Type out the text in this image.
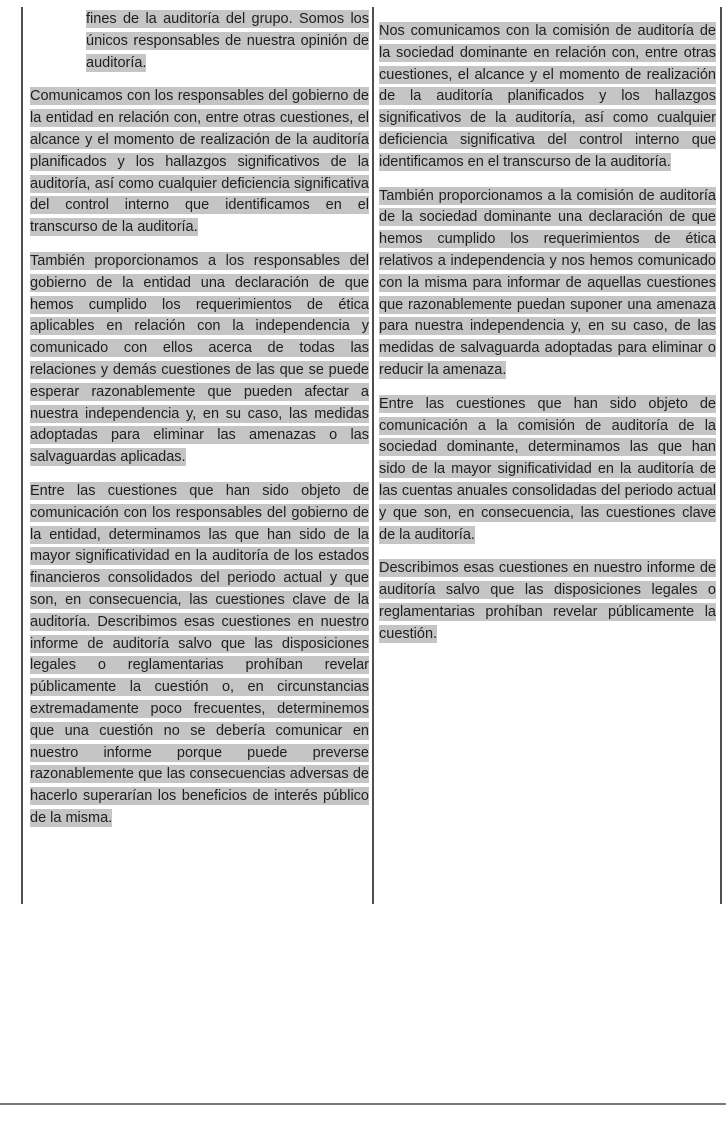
fines de la auditoría del grupo. Somos los únicos responsables de nuestra opinión de auditoría.

Comunicamos con los responsables del gobierno de la entidad en relación con, entre otras cuestiones, el alcance y el momento de realización de la auditoría planificados y los hallazgos significativos de la auditoría, así como cualquier deficiencia significativa del control interno que identificamos en el transcurso de la auditoría.

También proporcionamos a los responsables del gobierno de la entidad una declaración de que hemos cumplido los requerimientos de ética aplicables en relación con la independencia y comunicado con ellos acerca de todas las relaciones y demás cuestiones de las que se puede esperar razonablemente que pueden afectar a nuestra independencia y, en su caso, las medidas adoptadas para eliminar las amenazas o las salvaguardas aplicadas.

Entre las cuestiones que han sido objeto de comunicación con los responsables del gobierno de la entidad, determinamos las que han sido de la mayor significatividad en la auditoría de los estados financieros consolidados del periodo actual y que son, en consecuencia, las cuestiones clave de la auditoría. Describimos esas cuestiones en nuestro informe de auditoría salvo que las disposiciones legales o reglamentarias prohíban revelar públicamente la cuestión o, en circunstancias extremadamente poco frecuentes, determinemos que una cuestión no se debería comunicar en nuestro informe porque puede preverse razonablemente que las consecuencias adversas de hacerlo superarían los beneficios de interés público de la misma.

Nos comunicamos con la comisión de auditoría de la sociedad dominante en relación con, entre otras cuestiones, el alcance y el momento de realización de la auditoría planificados y los hallazgos significativos de la auditoría, así como cualquier deficiencia significativa del control interno que identificamos en el transcurso de la auditoría.

También proporcionamos a la comisión de auditoría de la sociedad dominante una declaración de que hemos cumplido los requerimientos de ética relativos a independencia y nos hemos comunicado con la misma para informar de aquellas cuestiones que razonablemente puedan suponer una amenaza para nuestra independencia y, en su caso, de las medidas de salvaguarda adoptadas para eliminar o reducir la amenaza.

Entre las cuestiones que han sido objeto de comunicación a la comisión de auditoría de la sociedad dominante, determinamos las que han sido de la mayor significatividad en la auditoría de las cuentas anuales consolidadas del periodo actual y que son, en consecuencia, las cuestiones clave de la auditoría.

Describimos esas cuestiones en nuestro informe de auditoría salvo que las disposiciones legales o reglamentarias prohíban revelar públicamente la cuestión.
